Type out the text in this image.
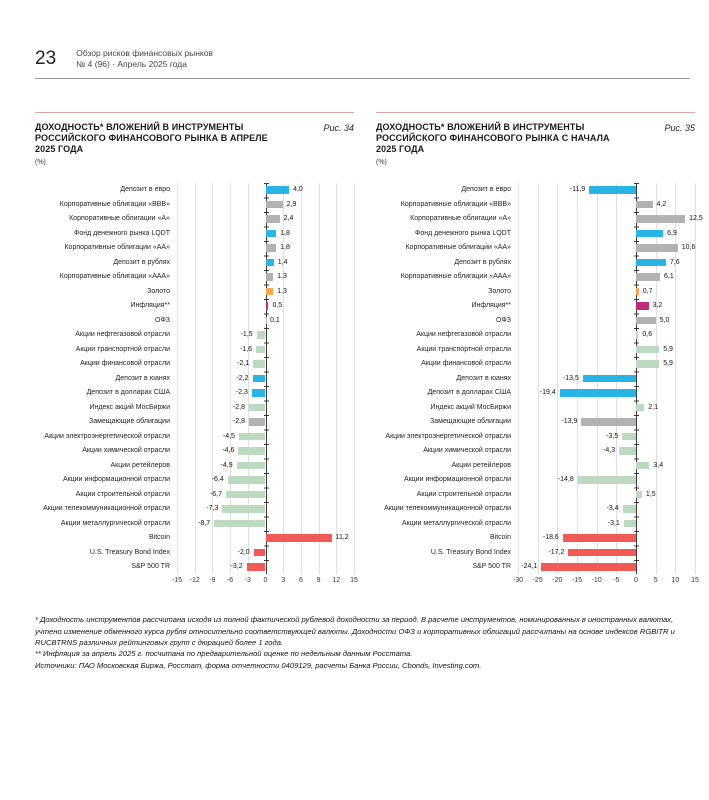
23 Обзор рисков финансовых рынков
№ 4 (96) · Апрель 2025 года
ДОХОДНОСТЬ* ВЛОЖЕНИЙ В ИНСТРУМЕНТЫ РОССИЙСКОГО ФИНАНСОВОГО РЫНКА В АПРЕЛЕ 2025 ГОДА
Рис. 34
(%)
Депозит в евро
Корпоративные облигации «ВВВ»
Корпоративные облигации «А»
Фонд денежного рынка LQDT
Корпоративные облигации «АА»
Депозит в рублях
Корпоративные облигации «ААА»
Золото
Инфляция**
ОФЗ
Акции нефтегазовой отрасли
Акции транспортной отрасли
Акции финансовой отрасли
Депозит в юанях
Депозит в долларах США
Индекс акций МосБиржи
Замещающие облигации
Акции электроэнергетической отрасли
Акции химической отрасли
Акции ретейлеров
Акции информационной отрасли
Акции строительной отрасли
Акции телекоммуникационной отрасли
Акции металлургической отрасли
Bitcoin
U.S. Treasury Bond Index
S&P 500 TR
4,0
2,9
2,4
1,8
1,8
1,4
1,3
1,3
0,5
0,1
-1,5
-1,6
-2,1
-2,2
-2,3
-2,8
-2,8
-4,5
-4,6
-4,9
-6,4
-6,7
-7,3
-8,7
11,2
-2,0
-3,2
-15 -12 -9 -6 -3 0 3 6 9 12 15
ДОХОДНОСТЬ* ВЛОЖЕНИЙ В ИНСТРУМЕНТЫ РОССИЙСКОГО ФИНАНСОВОГО РЫНКА С НАЧАЛА 2025 ГОДА
Рис. 35
(%)
Депозит в евро
Корпоративные облигации «ВВВ»
Корпоративные облигации «А»
Фонд денежного рынка LQDT
Корпоративные облигации «АА»
Депозит в рублях
Корпоративные облигации «ААА»
Золото
Инфляция**
ОФЗ
Акции нефтегазовой отрасли
Акции транспортной отрасли
Акции финансовой отрасли
Депозит в юанях
Депозит в долларах США
Индекс акций МосБиржи
Замещающие облигации
Акции электроэнергетической отрасли
Акции химической отрасли
Акции ретейлеров
Акции информационной отрасли
Акции строительной отрасли
Акции телекоммуникационной отрасли
Акции металлургической отрасли
Bitcoin
U.S. Treasury Bond Index
S&P 500 TR
-11,9
4,2
12,5
6,9
10,6
7,6
6,1
0,7
3,2
5,0
0,6
5,9
5,9
-13,5
-19,4
2,1
-13,9
-3,5
-4,3
3,4
-14,8
1,5
-3,4
-3,1
-18,6
-17,2
-24,1
-30 -25 -20 -15 -10 -5 0 5 10 15

* Доходность инструментов рассчитана исходя из полной фактической рублевой доходности за период. В расчете инструментов, номинированных в иностранных валютах, учтено изменение обменного курса рубля относительно соответствующей валюты. Доходности ОФЗ и корпоративных облигаций рассчитаны на основе индексов RGBITR и RUCBTRNS различных рейтинговых групп с дюрацией более 1 года.

** Инфляция за апрель 2025 г. посчитана по предварительной оценке по недельным данным Росстата.

Источники: ПАО Московская Биржа, Росстат, форма отчетности 0409129, расчеты Банка России, Cbonds, Investing.com.
